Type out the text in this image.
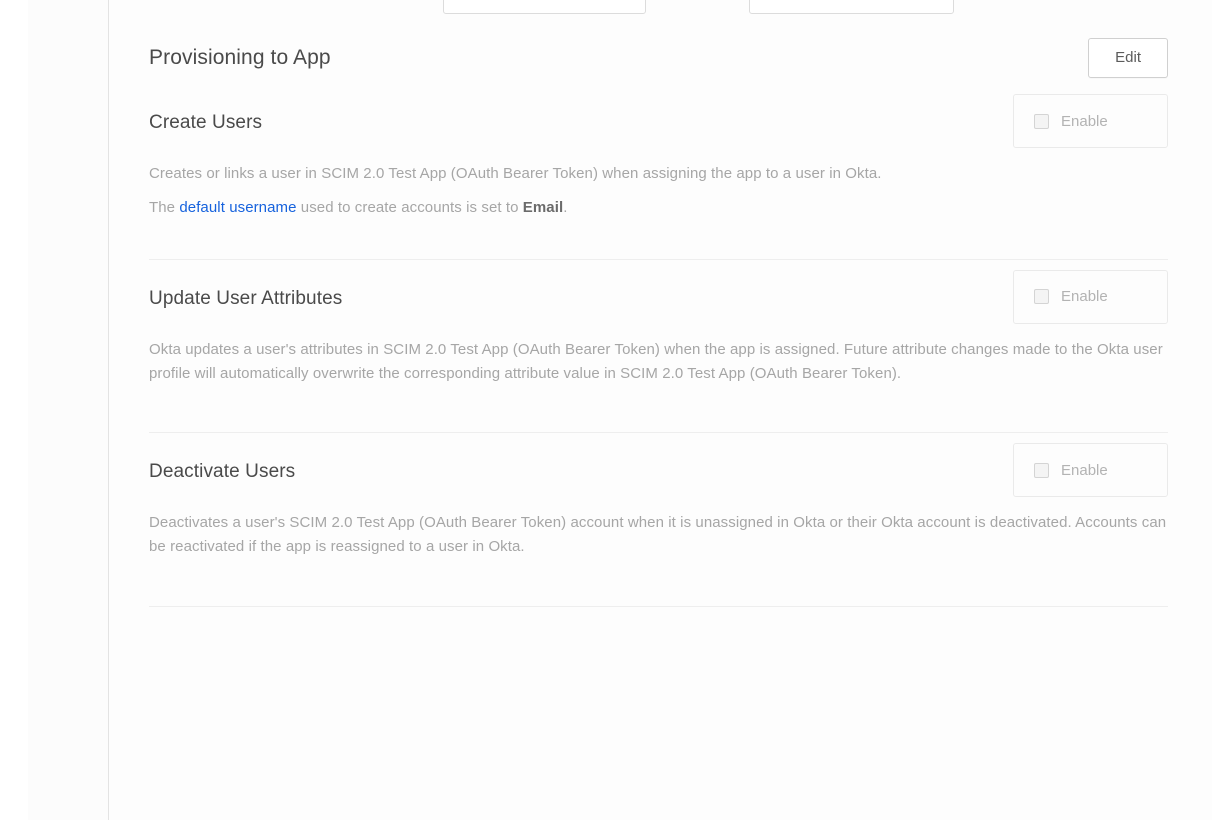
Provisioning to App	Edit
Create Users	Enable
Creates or links a user in SCIM 2.0 Test App (OAuth Bearer Token) when assigning the app to a user in Okta.
The default username used to create accounts is set to Email.
Update User Attributes	Enable
Okta updates a user's attributes in SCIM 2.0 Test App (OAuth Bearer Token) when the app is assigned. Future attribute changes made to the Okta user profile will automatically overwrite the corresponding attribute value in SCIM 2.0 Test App (OAuth Bearer Token).
Deactivate Users	Enable
Deactivates a user's SCIM 2.0 Test App (OAuth Bearer Token) account when it is unassigned in Okta or their Okta account is deactivated. Accounts can be reactivated if the app is reassigned to a user in Okta.
